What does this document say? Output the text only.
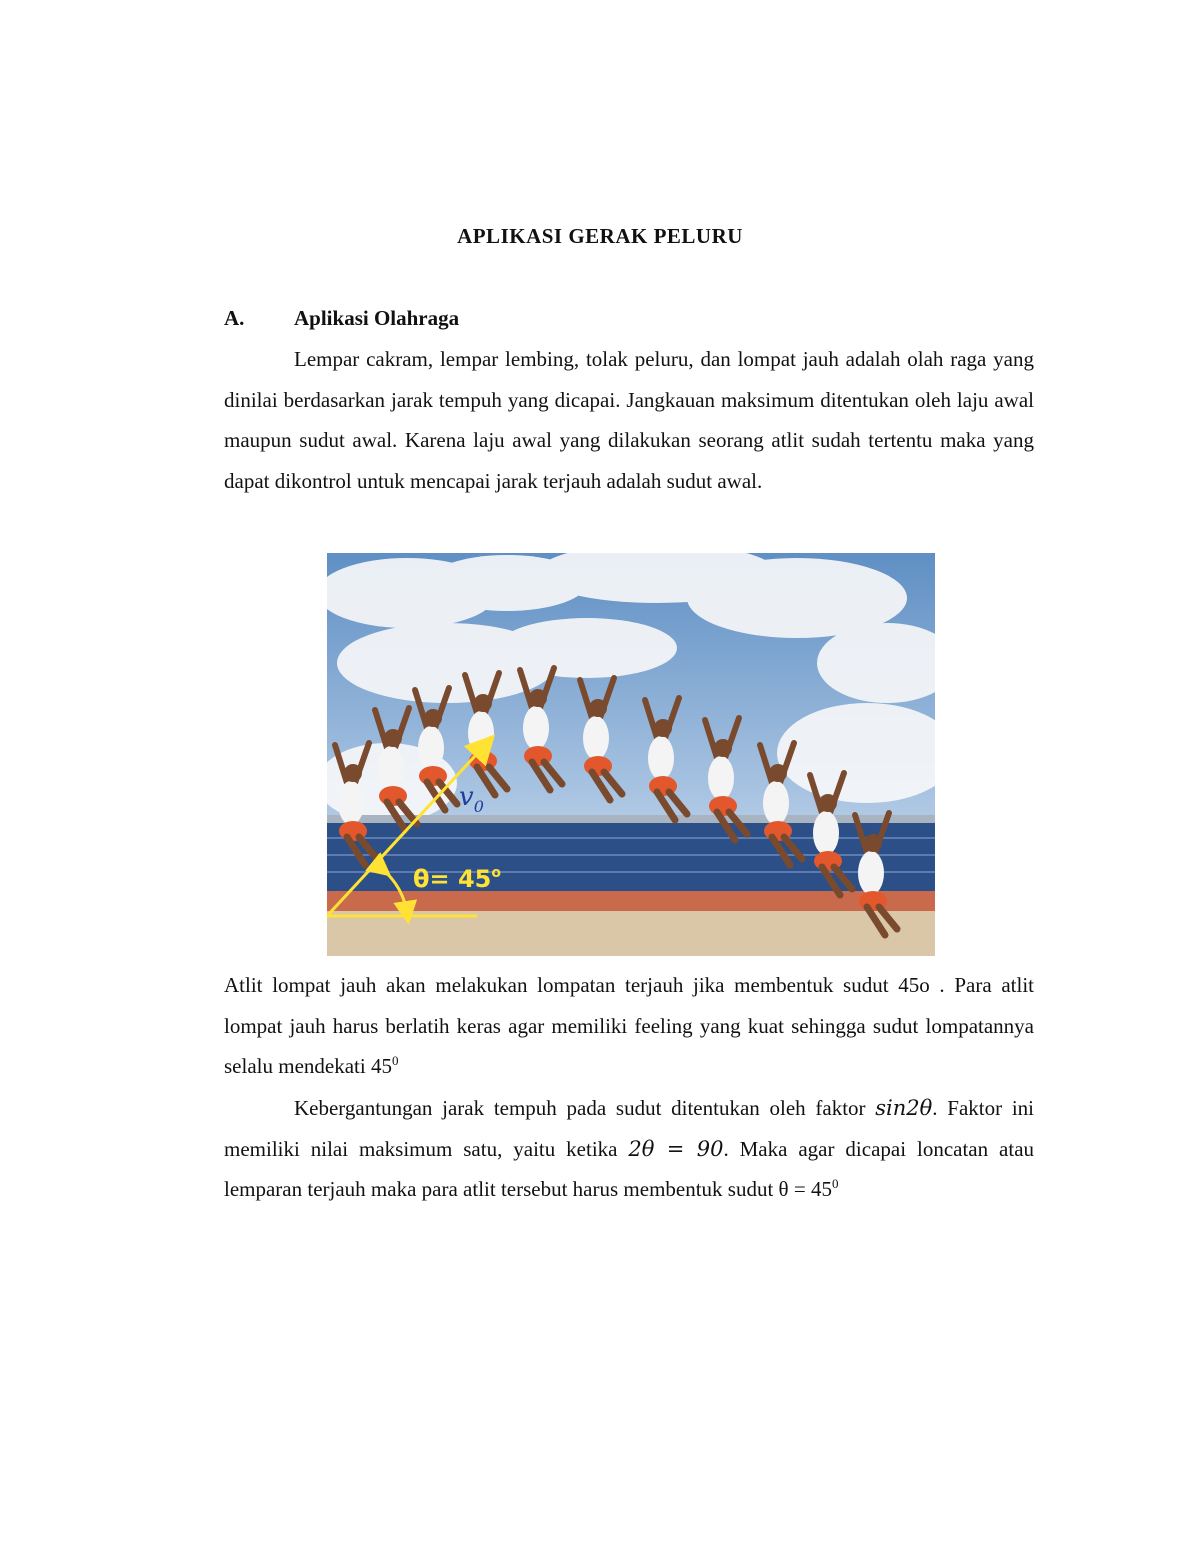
APLIKASI GERAK PELURU
A. Aplikasi Olahraga

Lempar cakram, lempar lembing, tolak peluru, dan lompat jauh adalah olah raga yang dinilai berdasarkan jarak tempuh yang dicapai. Jangkauan maksimum ditentukan oleh laju awal maupun sudut awal. Karena laju awal yang dilakukan seorang atlit sudah tertentu maka yang dapat dikontrol untuk mencapai jarak terjauh adalah sudut awal.

$v_0$
$\theta= 45^o$

Atlit lompat jauh akan melakukan lompatan terjauh jika membentuk sudut 45o . Para atlit lompat jauh harus berlatih keras agar memiliki feeling yang kuat sehingga sudut lompatannya selalu mendekati $45^0$

Kebergantungan jarak tempuh pada sudut ditentukan oleh faktor sin2θ. Faktor ini memiliki nilai maksimum satu, yaitu ketika 2θ = 90. Maka agar dicapai loncatan atau lemparan terjauh maka para atlit tersebut harus membentuk sudut $\theta = 45^0$
